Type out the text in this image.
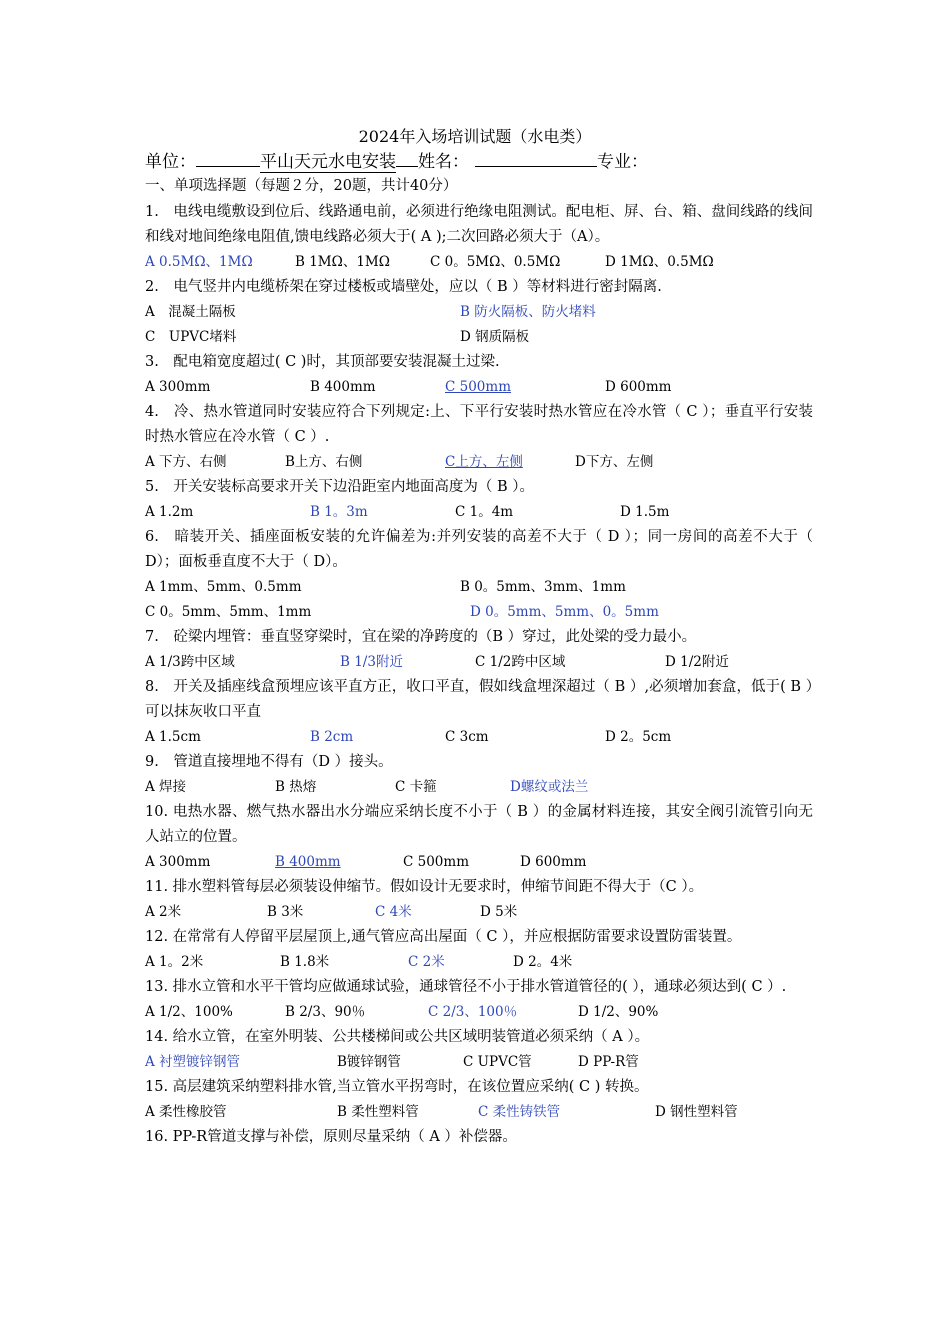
2024年入场培训试题（水电类）
单位：	平山天元水电安装 姓名：	专业：
一、单项选择题（每题２分，20题，共计40分）
1.　电线电缆敷设到位后、线路通电前，必须进行绝缘电阻测试。配电柜、屏、台、箱、盘间线路的线间和线对地间绝缘电阻值,馈电线路必须大于( A );二次回路必须大于（A）。
A 0.5MΩ、1MΩ	B 1MΩ、1MΩ	C 0。5MΩ、0.5MΩ	D 1MΩ、0.5MΩ
2.　电气竖井内电缆桥架在穿过楼板或墙壁处，应以（ B ）等材料进行密封隔离.
A　混凝土隔板	B 防火隔板、防火堵料
C　UPVC堵料	D 钢质隔板
3.　配电箱宽度超过( C )时，其顶部要安装混凝土过梁.
A 300mm	B 400mm	C 500mm	D 600mm
4.　冷、热水管道同时安装应符合下列规定:上、下平行安装时热水管应在冷水管（ C ）；垂直平行安装时热水管应在冷水管（ C ）.
A 下方、右侧	B上方、右侧	C上方、左侧	D下方、左侧
5.　开关安装标高要求开关下边沿距室内地面高度为（ B ）。
A 1.2m	B 1。3m	C 1。4m	D 1.5m
6.　暗装开关、插座面板安装的允许偏差为:并列安装的高差不大于（ D ）；同一房间的高差不大于（ D）；面板垂直度不大于（ D）。
A 1mm、5mm、0.5mm	B 0。5mm、3mm、1mm
C 0。5mm、5mm、1mm	D 0。5mm、5mm、0。5mm
7.　砼梁内埋管：垂直竖穿梁时，宜在梁的净跨度的（B ）穿过，此处梁的受力最小。
A 1/3跨中区域	B 1/3附近	C 1/2跨中区域	D 1/2附近
8.　开关及插座线盒预埋应该平直方正，收口平直，假如线盒埋深超过（ B ）,必须增加套盒，低于( B ）可以抹灰收口平直
A 1.5cm	B 2cm	C 3cm	D 2。5cm
9.　管道直接埋地不得有（D ）接头。
A 焊接	B 热熔	C 卡箍	D螺纹或法兰
10. 电热水器、燃气热水器出水分端应采纳长度不小于（ B ）的金属材料连接，其安全阀引流管引向无人站立的位置。
A 300mm	B 400mm	C 500mm	D 600mm
11. 排水塑料管每层必须装设伸缩节。假如设计无要求时，伸缩节间距不得大于（C ）。
A 2米	B 3米	C 4米	D 5米
12. 在常常有人停留平层屋顶上,通气管应高出屋面（ C ），并应根据防雷要求设置防雷装置。
A 1。2米	B 1.8米	C 2米	D 2。4米
13. 排水立管和水平干管均应做通球试验，通球管径不小于排水管道管径的( ），通球必须达到( C ）.
A 1/2、100%	B 2/3、90％	C 2/3、100％	D 1/2、90%
14. 给水立管，在室外明装、公共楼梯间或公共区域明装管道必须采纳（ A ）。
A 衬塑镀锌钢管	B镀锌钢管	C UPVC管	D PP-R管
15. 高层建筑采纳塑料排水管,当立管水平拐弯时，在该位置应采纳( C ) 转换。
A 柔性橡胶管	B 柔性塑料管	C 柔性铸铁管	D 钢性塑料管
16. PP-R管道支撑与补偿，原则尽量采纳（ A ）补偿器。
